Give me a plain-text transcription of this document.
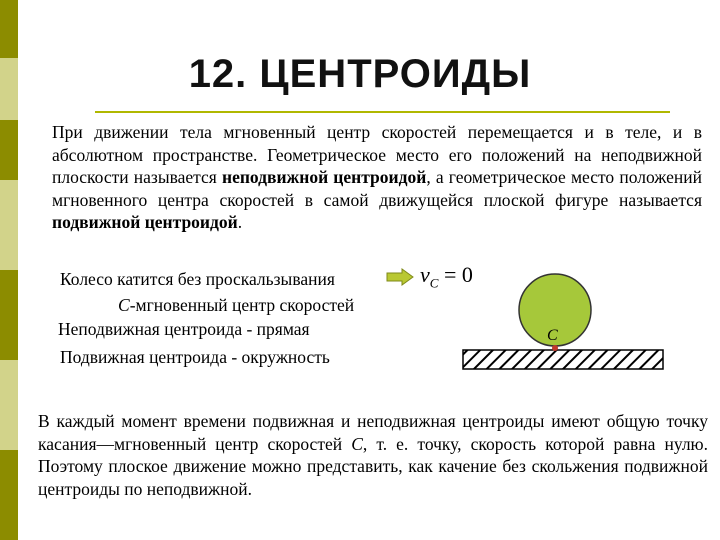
12. ЦЕНТРОИДЫ
При движении тела мгновенный центр скоростей перемещается и в теле, и в абсолютном пространстве. Геометрическое место его положений на неподвижной плоскости называется неподвижной центроидой, а геометрическое место положений мгновенного центра скоростей в самой движущейся плоской фигуре называется подвижной центроидой.
Колесо катится без проскальзывания
C-мгновенный центр скоростей
Неподвижная центроида - прямая
Подвижная центроида - окружность
$v_C = 0$
C
В каждый момент времени подвижная и неподвижная центроиды имеют общую точку касания—мгновенный центр скоростей C, т. е. точку, скорость которой равна нулю. Поэтому плоское движение можно представить, как качение без скольжения подвижной центроиды по неподвижной.
